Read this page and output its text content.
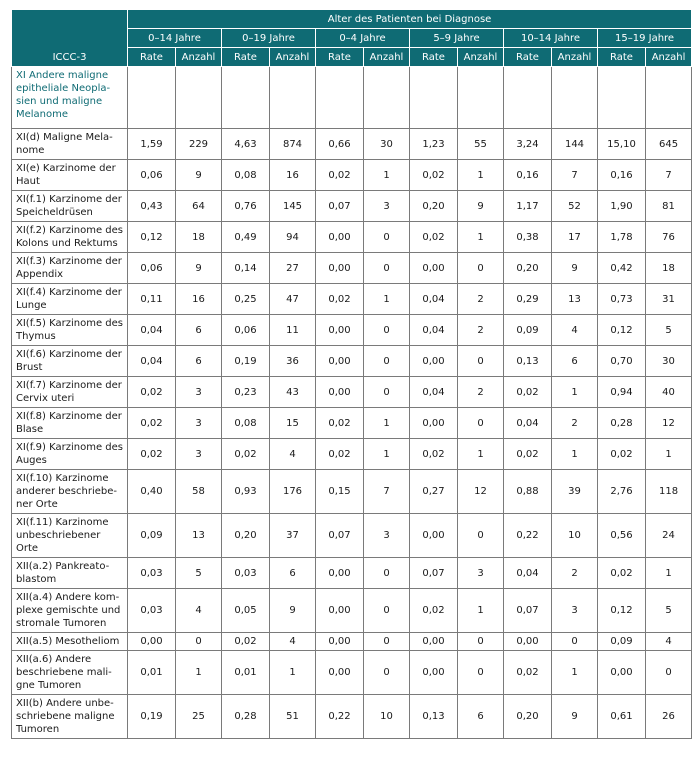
ICCC-3	Alter des Patienten bei Diagnose											
	0–14 Jahre		0–19 Jahre		0–4 Jahre		5–9 Jahre		10–14 Jahre		15–19 Jahre	
	Rate	Anzahl	Rate	Anzahl	Rate	Anzahl	Rate	Anzahl	Rate	Anzahl	Rate	Anzahl
XI Andere maligne epitheliale Neopla-sien und maligne Melanome												
XI(d) Maligne Mela-nome	1,59	229	4,63	874	0,66	30	1,23	55	3,24	144	15,10	645
XI(e) Karzinome der Haut	0,06	9	0,08	16	0,02	1	0,02	1	0,16	7	0,16	7
XI(f.1) Karzinome der Speicheldrüsen	0,43	64	0,76	145	0,07	3	0,20	9	1,17	52	1,90	81
XI(f.2) Karzinome des Kolons und Rektums	0,12	18	0,49	94	0,00	0	0,02	1	0,38	17	1,78	76
XI(f.3) Karzinome der Appendix	0,06	9	0,14	27	0,00	0	0,00	0	0,20	9	0,42	18
XI(f.4) Karzinome der Lunge	0,11	16	0,25	47	0,02	1	0,04	2	0,29	13	0,73	31
XI(f.5) Karzinome des Thymus	0,04	6	0,06	11	0,00	0	0,04	2	0,09	4	0,12	5
XI(f.6) Karzinome der Brust	0,04	6	0,19	36	0,00	0	0,00	0	0,13	6	0,70	30
XI(f.7) Karzinome der Cervix uteri	0,02	3	0,23	43	0,00	0	0,04	2	0,02	1	0,94	40
XI(f.8) Karzinome der Blase	0,02	3	0,08	15	0,02	1	0,00	0	0,04	2	0,28	12
XI(f.9) Karzinome des Auges	0,02	3	0,02	4	0,02	1	0,02	1	0,02	1	0,02	1
XI(f.10) Karzinome anderer beschriebe-ner Orte	0,40	58	0,93	176	0,15	7	0,27	12	0,88	39	2,76	118
XI(f.11) Karzinome unbeschriebener Orte	0,09	13	0,20	37	0,07	3	0,00	0	0,22	10	0,56	24
XII(a.2) Pankreato-blastom	0,03	5	0,03	6	0,00	0	0,07	3	0,04	2	0,02	1
XII(a.4) Andere kom-plexe gemischte und stromale Tumoren	0,03	4	0,05	9	0,00	0	0,02	1	0,07	3	0,12	5
XII(a.5) Mesotheliom	0,00	0	0,02	4	0,00	0	0,00	0	0,00	0	0,09	4
XII(a.6) Andere beschriebene mali-gne Tumoren	0,01	1	0,01	1	0,00	0	0,00	0	0,02	1	0,00	0
XII(b) Andere unbe-schriebene maligne Tumoren	0,19	25	0,28	51	0,22	10	0,13	6	0,20	9	0,61	26
